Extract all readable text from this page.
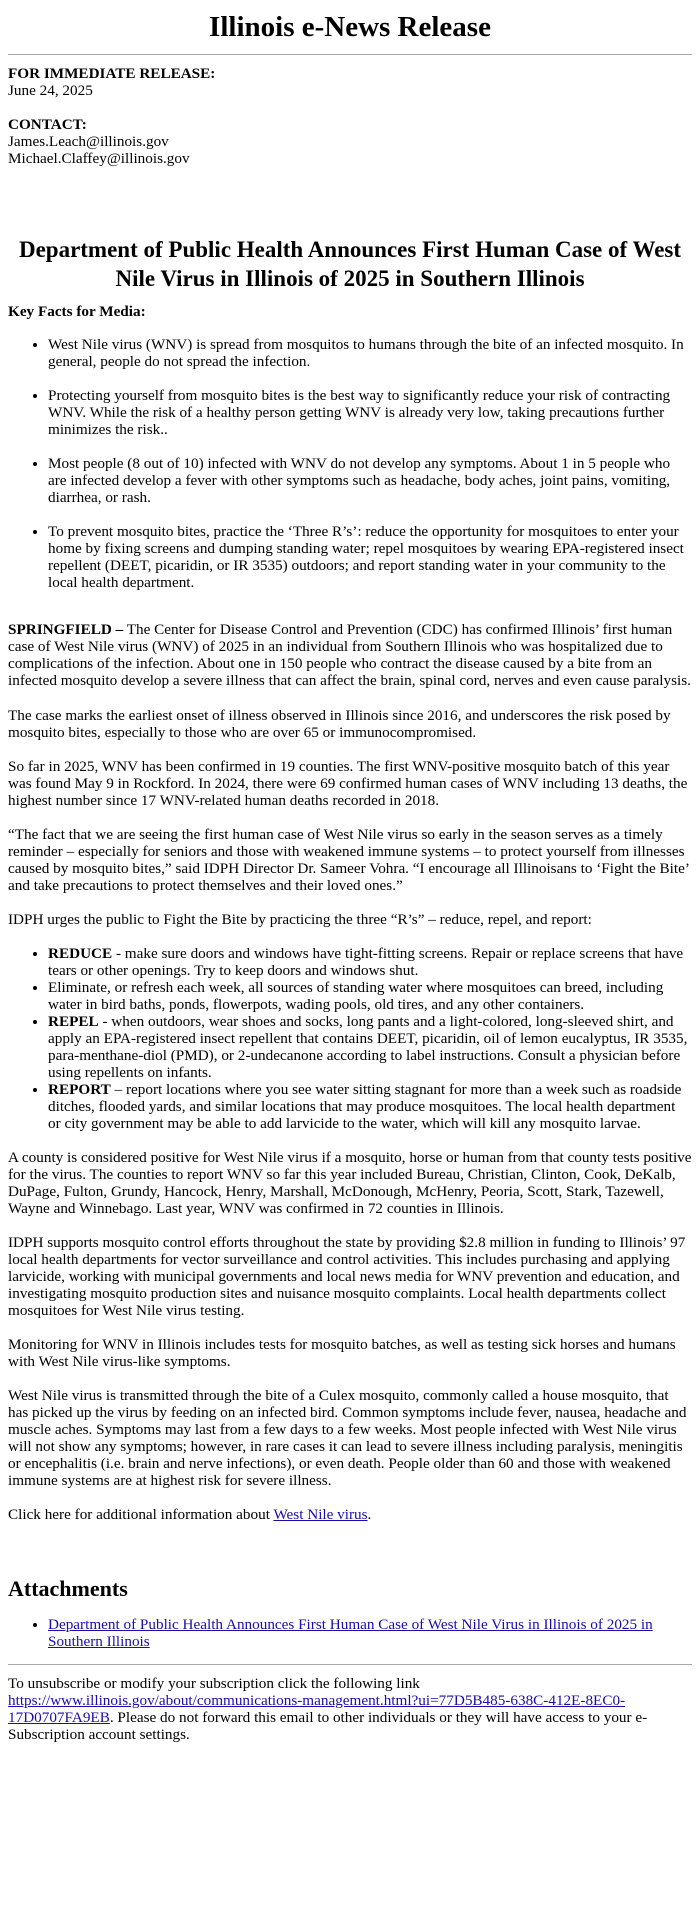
Illinois e-News Release

FOR IMMEDIATE RELEASE:

June 24, 2025

CONTACT:

James.Leach@illinois.gov

Michael.Claffey@illinois.gov

Department of Public Health Announces First Human Case of West Nile Virus in Illinois of 2025 in Southern Illinois

Key Facts for Media:

• West Nile virus (WNV) is spread from mosquitos to humans through the bite of an infected mosquito. In general, people do not spread the infection.
• Protecting yourself from mosquito bites is the best way to significantly reduce your risk of contracting WNV. While the risk of a healthy person getting WNV is already very low, taking precautions further minimizes the risk..
• Most people (8 out of 10) infected with WNV do not develop any symptoms. About 1 in 5 people who are infected develop a fever with other symptoms such as headache, body aches, joint pains, vomiting, diarrhea, or rash.
• To prevent mosquito bites, practice the ‘Three R’s’: reduce the opportunity for mosquitoes to enter your home by fixing screens and dumping standing water; repel mosquitoes by wearing EPA-registered insect repellent (DEET, picaridin, or IR 3535) outdoors; and report standing water in your community to the local health department.

SPRINGFIELD – The Center for Disease Control and Prevention (CDC) has confirmed Illinois’ first human case of West Nile virus (WNV) of 2025 in an individual from Southern Illinois who was hospitalized due to complications of the infection. About one in 150 people who contract the disease caused by a bite from an infected mosquito develop a severe illness that can affect the brain, spinal cord, nerves and even cause paralysis.

The case marks the earliest onset of illness observed in Illinois since 2016, and underscores the risk posed by mosquito bites, especially to those who are over 65 or immunocompromised.

So far in 2025, WNV has been confirmed in 19 counties. The first WNV-positive mosquito batch of this year was found May 9 in Rockford. In 2024, there were 69 confirmed human cases of WNV including 13 deaths, the highest number since 17 WNV-related human deaths recorded in 2018.

“The fact that we are seeing the first human case of West Nile virus so early in the season serves as a timely reminder – especially for seniors and those with weakened immune systems – to protect yourself from illnesses caused by mosquito bites,” said IDPH Director Dr. Sameer Vohra. “I encourage all Illinoisans to ‘Fight the Bite’ and take precautions to protect themselves and their loved ones.”

IDPH urges the public to Fight the Bite by practicing the three “R’s” – reduce, repel, and report:

• REDUCE - make sure doors and windows have tight-fitting screens. Repair or replace screens that have tears or other openings. Try to keep doors and windows shut.
• Eliminate, or refresh each week, all sources of standing water where mosquitoes can breed, including water in bird baths, ponds, flowerpots, wading pools, old tires, and any other containers.
• REPEL - when outdoors, wear shoes and socks, long pants and a light-colored, long-sleeved shirt, and apply an EPA-registered insect repellent that contains DEET, picaridin, oil of lemon eucalyptus, IR 3535, para-menthane-diol (PMD), or 2-undecanone according to label instructions. Consult a physician before using repellents on infants.
• REPORT – report locations where you see water sitting stagnant for more than a week such as roadside ditches, flooded yards, and similar locations that may produce mosquitoes. The local health department or city government may be able to add larvicide to the water, which will kill any mosquito larvae.

A county is considered positive for West Nile virus if a mosquito, horse or human from that county tests positive for the virus. The counties to report WNV so far this year included Bureau, Christian, Clinton, Cook, DeKalb, DuPage, Fulton, Grundy, Hancock, Henry, Marshall, McDonough, McHenry, Peoria, Scott, Stark, Tazewell, Wayne and Winnebago. Last year, WNV was confirmed in 72 counties in Illinois.

IDPH supports mosquito control efforts throughout the state by providing $2.8 million in funding to Illinois’ 97 local health departments for vector surveillance and control activities. This includes purchasing and applying larvicide, working with municipal governments and local news media for WNV prevention and education, and investigating mosquito production sites and nuisance mosquito complaints. Local health departments collect mosquitoes for West Nile virus testing.

Monitoring for WNV in Illinois includes tests for mosquito batches, as well as testing sick horses and humans with West Nile virus-like symptoms.

West Nile virus is transmitted through the bite of a Culex mosquito, commonly called a house mosquito, that has picked up the virus by feeding on an infected bird. Common symptoms include fever, nausea, headache and muscle aches. Symptoms may last from a few days to a few weeks. Most people infected with West Nile virus will not show any symptoms; however, in rare cases it can lead to severe illness including paralysis, meningitis or encephalitis (i.e. brain and nerve infections), or even death. People older than 60 and those with weakened immune systems are at highest risk for severe illness.

Click here for additional information about West Nile virus.

Attachments
• Department of Public Health Announces First Human Case of West Nile Virus in Illinois of 2025 in Southern Illinois

To unsubscribe or modify your subscription click the following link
https://www.illinois.gov/about/communications-management.html?ui=77D5B485-638C-412E-8EC0-17D0707FA9EB. Please do not forward this email to other individuals or they will have access to your e-Subscription account settings.
